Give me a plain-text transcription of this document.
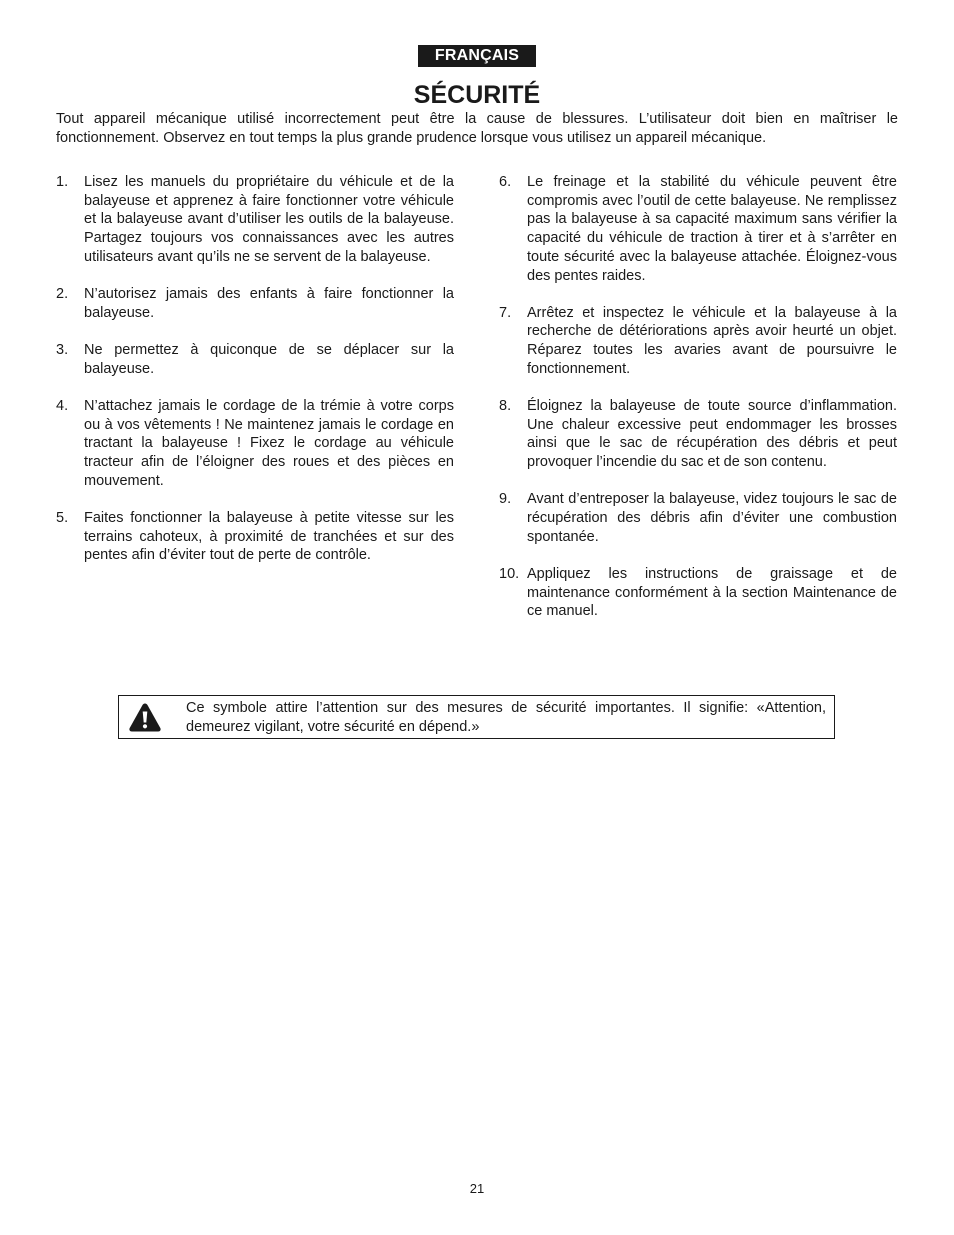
FRANÇAIS
SÉCURITÉ

Tout appareil mécanique utilisé incorrectement peut être la cause de blessures. L’utilisateur doit bien en maîtriser le fonctionnement. Observez en tout temps la plus grande prudence lorsque vous utilisez un appareil mécanique.

1. Lisez les manuels du propriétaire du véhicule et de la balayeuse et apprenez à faire fonctionner votre véhicule et la balayeuse avant d’utiliser les outils de la balayeuse. Partagez toujours vos connaissances avec les autres utilisateurs avant qu’ils ne se servent de la balayeuse.
2. N’autorisez jamais des enfants à faire fonctionner la balayeuse.
3. Ne permettez à quiconque de se déplacer sur la balayeuse.
4. N’attachez jamais le cordage de la trémie à votre corps ou à vos vêtements ! Ne maintenez jamais le cordage en tractant la balayeuse ! Fixez le cordage au véhicule tracteur afin de l’éloigner des roues et des pièces en mouvement.
5. Faites fonctionner la balayeuse à petite vitesse sur les terrains cahoteux, à proximité de tranchées et sur des pentes afin d’éviter tout de perte de contrôle.
6. Le freinage et la stabilité du véhicule peuvent être compromis avec l’outil de cette balayeuse. Ne remplissez pas la balayeuse à sa capacité maximum sans vérifier la capacité du véhicule de traction à tirer et à s’arrêter en toute sécurité avec la balayeuse attachée. Éloignez-vous des pentes raides.
7. Arrêtez et inspectez le véhicule et la balayeuse à la recherche de détériorations après avoir heurté un objet. Réparez toutes les avaries avant de poursuivre le fonctionnement.
8. Éloignez la balayeuse de toute source d’inflammation. Une chaleur excessive peut endommager les brosses ainsi que le sac de récupération des débris et peut provoquer l’incendie du sac et de son contenu.
9. Avant d’entreposer la balayeuse, videz toujours le sac de récupération des débris afin d’éviter une combustion spontanée.
10. Appliquez les instructions de graissage et de maintenance conformément à la section Maintenance de ce manuel.

Ce symbole attire l’attention sur des mesures de sécurité importantes. Il signifie: «Attention, demeurez vigilant, votre sécurité en dépend.»

21
